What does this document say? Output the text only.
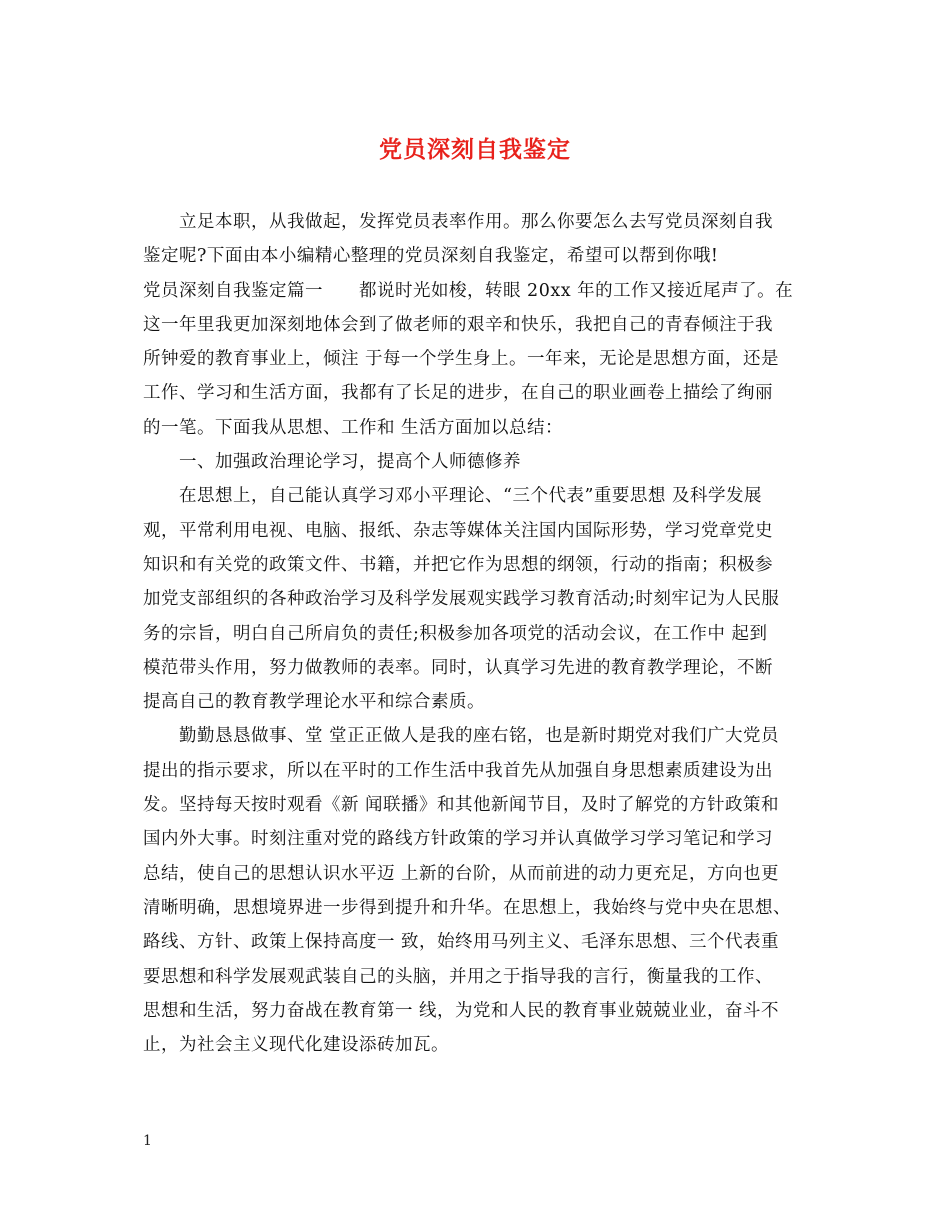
党员深刻自我鉴定
立足本职，从我做起，发挥党员表率作用。那么你要怎么去写党员深刻自我
鉴定呢?下面由本小编精心整理的党员深刻自我鉴定，希望可以帮到你哦!
党员深刻自我鉴定篇一　　都说时光如梭，转眼 20xx 年的工作又接近尾声了。在
这一年里我更加深刻地体会到了做老师的艰辛和快乐，我把自己的青春倾注于我
所钟爱的教育事业上，倾注 于每一个学生身上。一年来，无论是思想方面，还是
工作、学习和生活方面，我都有了长足的进步，在自己的职业画卷上描绘了绚丽
的一笔。下面我从思想、工作和 生活方面加以总结：
一、加强政治理论学习，提高个人师德修养
在思想上，自己能认真学习邓小平理论、“三个代表”重要思想 及科学发展
观，平常利用电视、电脑、报纸、杂志等媒体关注国内国际形势，学习党章党史
知识和有关党的政策文件、书籍，并把它作为思想的纲领，行动的指南；积极参
加党支部组织的各种政治学习及科学发展观实践学习教育活动;时刻牢记为人民服
务的宗旨，明白自己所肩负的责任;积极参加各项党的活动会议，在工作中 起到
模范带头作用，努力做教师的表率。同时，认真学习先进的教育教学理论，不断
提高自己的教育教学理论水平和综合素质。
勤勤恳恳做事、堂 堂正正做人是我的座右铭，也是新时期党对我们广大党员
提出的指示要求，所以在平时的工作生活中我首先从加强自身思想素质建设为出
发。坚持每天按时观看《新 闻联播》和其他新闻节目，及时了解党的方针政策和
国内外大事。时刻注重对党的路线方针政策的学习并认真做学习学习笔记和学习
总结，使自己的思想认识水平迈 上新的台阶，从而前进的动力更充足，方向也更
清晰明确，思想境界进一步得到提升和升华。在思想上，我始终与党中央在思想、
路线、方针、政策上保持高度一 致，始终用马列主义、毛泽东思想、三个代表重
要思想和科学发展观武装自己的头脑，并用之于指导我的言行，衡量我的工作、
思想和生活，努力奋战在教育第一 线，为党和人民的教育事业兢兢业业，奋斗不
止，为社会主义现代化建设添砖加瓦。
1
